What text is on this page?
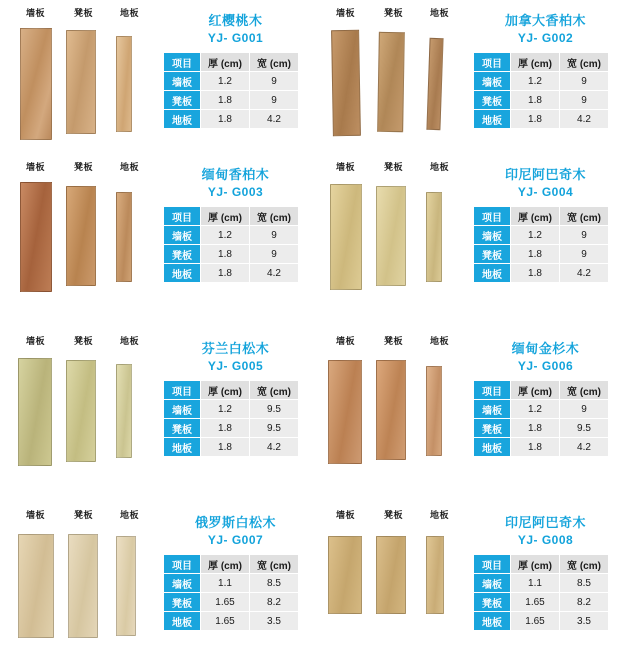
墙板	凳板	地板	红樱桃木
YJ- G001
项目	厚 (cm)	宽 (cm)
墙板	1.2	9
凳板	1.8	9
地板	1.8	4.2
墙板	凳板	地板	加拿大香柏木
YJ- G002
项目	厚 (cm)	宽 (cm)
墙板	1.2	9
凳板	1.8	9
地板	1.8	4.2
墙板	凳板	地板	缅甸香柏木
YJ- G003
项目	厚 (cm)	宽 (cm)
墙板	1.2	9
凳板	1.8	9
地板	1.8	4.2
墙板	凳板	地板	印尼阿巴奇木
YJ- G004
项目	厚 (cm)	宽 (cm)
墙板	1.2	9
凳板	1.8	9
地板	1.8	4.2
墙板	凳板	地板	芬兰白松木
YJ- G005
项目	厚 (cm)	宽 (cm)
墙板	1.2	9.5
凳板	1.8	9.5
地板	1.8	4.2
墙板	凳板	地板	缅甸金杉木
YJ- G006
项目	厚 (cm)	宽 (cm)
墙板	1.2	9
凳板	1.8	9.5
地板	1.8	4.2
墙板	凳板	地板	俄罗斯白松木
YJ- G007
项目	厚 (cm)	宽 (cm)
墙板	1.1	8.5
凳板	1.65	8.2
地板	1.65	3.5
墙板	凳板	地板	印尼阿巴奇木
YJ- G008
项目	厚 (cm)	宽 (cm)
墙板	1.1	8.5
凳板	1.65	8.2
地板	1.65	3.5
